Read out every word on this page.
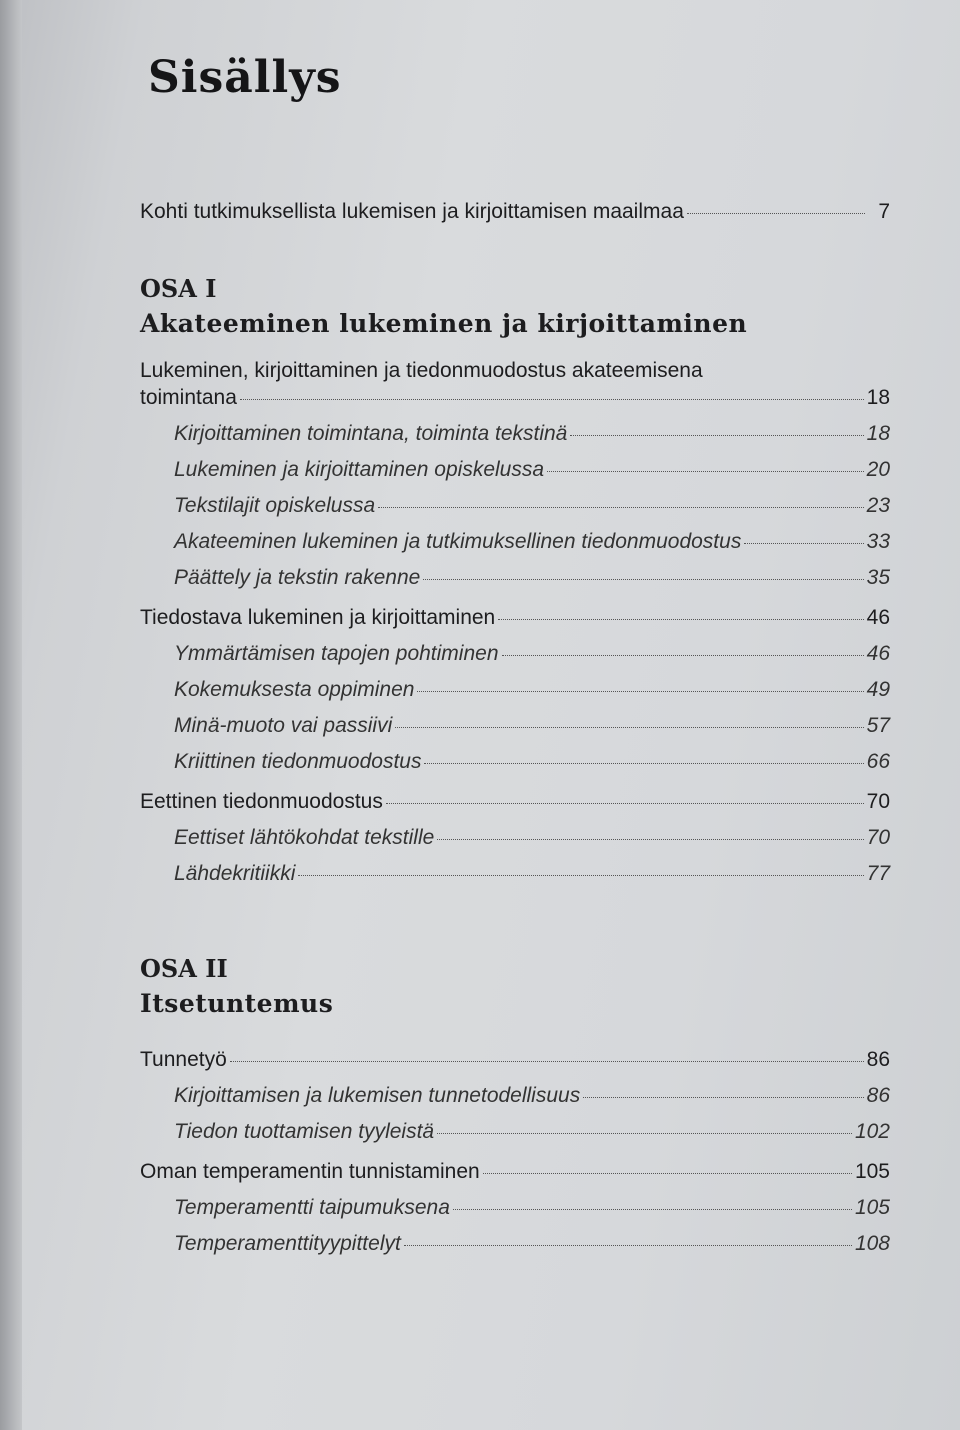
Sisällys
Kohti tutkimuksellista lukemisen ja kirjoittamisen maailmaa	7
OSA I
Akateeminen lukeminen ja kirjoittaminen
Lukeminen, kirjoittaminen ja tiedonmuodostus akateemisena
toimintana	18
Kirjoittaminen toimintana, toiminta tekstinä	18
Lukeminen ja kirjoittaminen opiskelussa	20
Tekstilajit opiskelussa	23
Akateeminen lukeminen ja tutkimuksellinen tiedonmuodostus	33
Päättely ja tekstin rakenne	35
Tiedostava lukeminen ja kirjoittaminen	46
Ymmärtämisen tapojen pohtiminen	46
Kokemuksesta oppiminen	49
Minä-muoto vai passiivi	57
Kriittinen tiedonmuodostus	66
Eettinen tiedonmuodostus	70
Eettiset lähtökohdat tekstille	70
Lähdekritiikki	77
OSA II
Itsetuntemus
Tunnetyö	86
Kirjoittamisen ja lukemisen tunnetodellisuus	86
Tiedon tuottamisen tyyleistä	102
Oman temperamentin tunnistaminen	105
Temperamentti taipumuksena	105
Temperamenttityypittelyt	108
